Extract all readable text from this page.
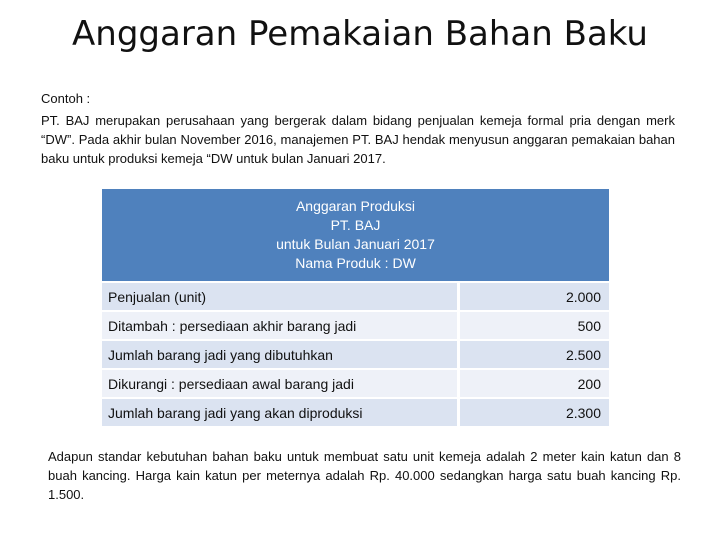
Anggaran Pemakaian Bahan Baku
Contoh :
PT. BAJ merupakan perusahaan yang bergerak dalam bidang penjualan kemeja formal pria dengan merk “DW”. Pada akhir bulan November 2016, manajemen PT. BAJ hendak menyusun anggaran pemakaian bahan baku untuk produksi kemeja “DW untuk bulan Januari 2017.
Anggaran Produksi
PT. BAJ
untuk Bulan Januari 2017
Nama Produk : DW
Penjualan (unit)	2.000
Ditambah : persediaan akhir barang jadi	500
Jumlah barang jadi yang dibutuhkan	2.500
Dikurangi : persediaan awal barang jadi	200
Jumlah barang jadi yang akan diproduksi	2.300
Adapun standar kebutuhan bahan baku untuk membuat satu unit kemeja adalah 2 meter kain katun dan 8 buah kancing. Harga kain katun per meternya adalah Rp. 40.000 sedangkan harga satu buah kancing Rp. 1.500.
